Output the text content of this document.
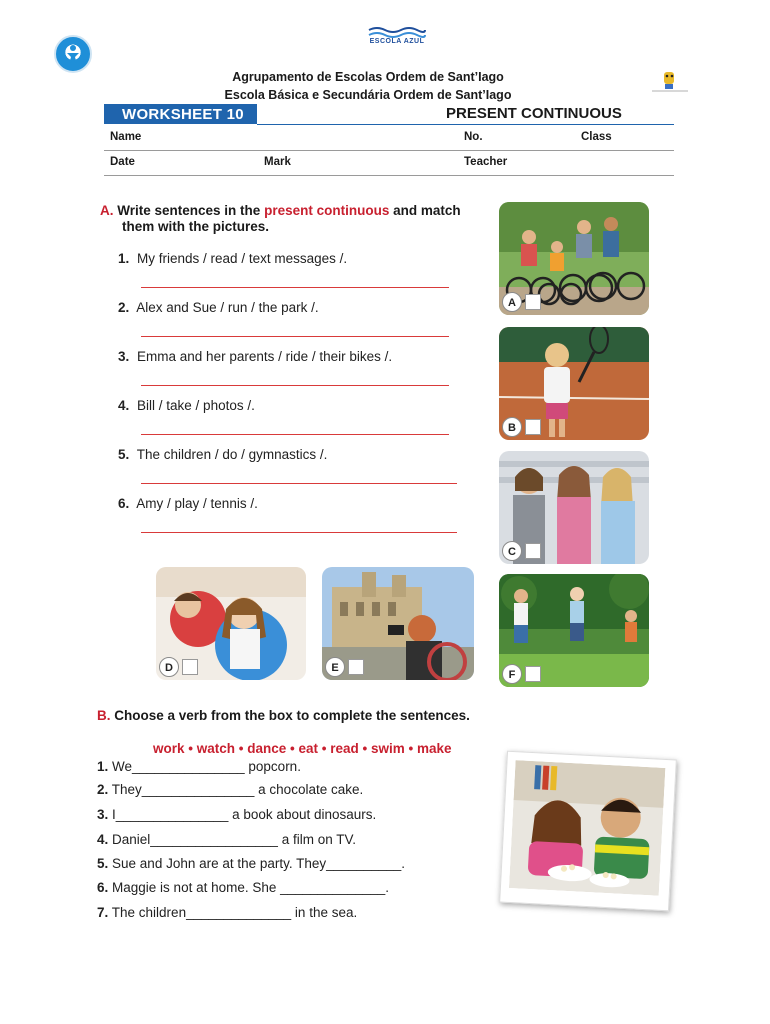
ESCOLA AZUL
Agrupamento de Escolas Ordem de Sant’Iago
Escola Básica e Secundária Ordem de Sant’Iago
WORKSHEET 10	PRESENT CONTINUOUS
Name	No.	Class
Date	Mark	Teacher
A. Write sentences in the present continuous and match
them with the pictures.
1. My friends / read / text messages /.
2. Alex and Sue / run / the park /.
3. Emma and her parents / ride / their bikes /.
4. Bill / take / photos /.
5. The children / do / gymnastics /.
6. Amy / play / tennis /.
A
B
C
F
D	E
B. Choose a verb from the box to complete the sentences.
work • watch • dance • eat • read • swim • make
1. We_______________ popcorn.
2. They_______________ a chocolate cake.
3. I_______________ a book about dinosaurs.
4. Daniel_________________ a film on TV.
5. Sue and John are at the party. They__________.
6. Maggie is not at home. She ______________.
7. The children______________ in the sea.
